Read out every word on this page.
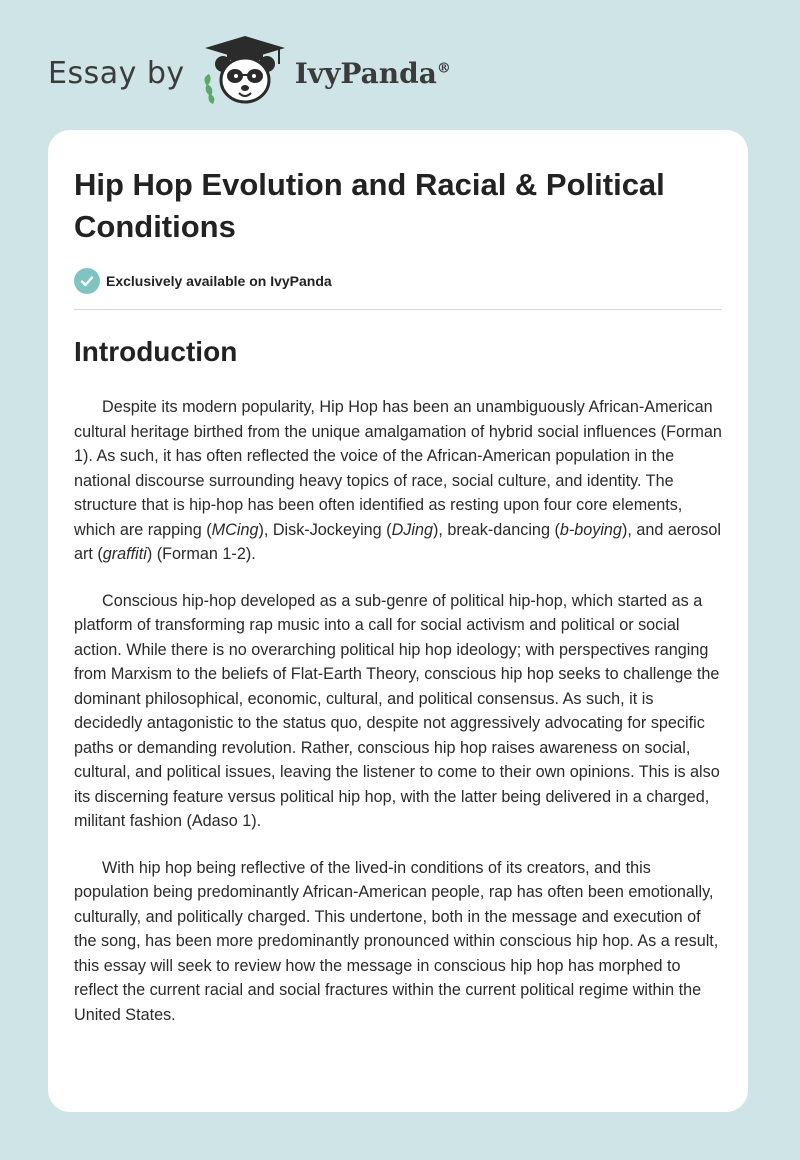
Essay by	IvyPanda®
Hip Hop Evolution and Racial & Political Conditions
Exclusively available on IvyPanda
Introduction

Despite its modern popularity, Hip Hop has been an unambiguously African-American cultural heritage birthed from the unique amalgamation of hybrid social influences (Forman 1). As such, it has often reflected the voice of the African-American population in the national discourse surrounding heavy topics of race, social culture, and identity. The structure that is hip-hop has been often identified as resting upon four core elements, which are rapping (MCing), Disk-Jockeying (DJing), break-dancing (b-boying), and aerosol art (graffiti) (Forman 1-2).

Conscious hip-hop developed as a sub-genre of political hip-hop, which started as a platform of transforming rap music into a call for social activism and political or social action. While there is no overarching political hip hop ideology; with perspectives ranging from Marxism to the beliefs of Flat-Earth Theory, conscious hip hop seeks to challenge the dominant philosophical, economic, cultural, and political consensus. As such, it is decidedly antagonistic to the status quo, despite not aggressively advocating for specific paths or demanding revolution. Rather, conscious hip hop raises awareness on social, cultural, and political issues, leaving the listener to come to their own opinions. This is also its discerning feature versus political hip hop, with the latter being delivered in a charged, militant fashion (Adaso 1).

With hip hop being reflective of the lived-in conditions of its creators, and this population being predominantly African-American people, rap has often been emotionally, culturally, and politically charged. This undertone, both in the message and execution of the song, has been more predominantly pronounced within conscious hip hop. As a result, this essay will seek to review how the message in conscious hip hop has morphed to reflect the current racial and social fractures within the current political regime within the United States.
